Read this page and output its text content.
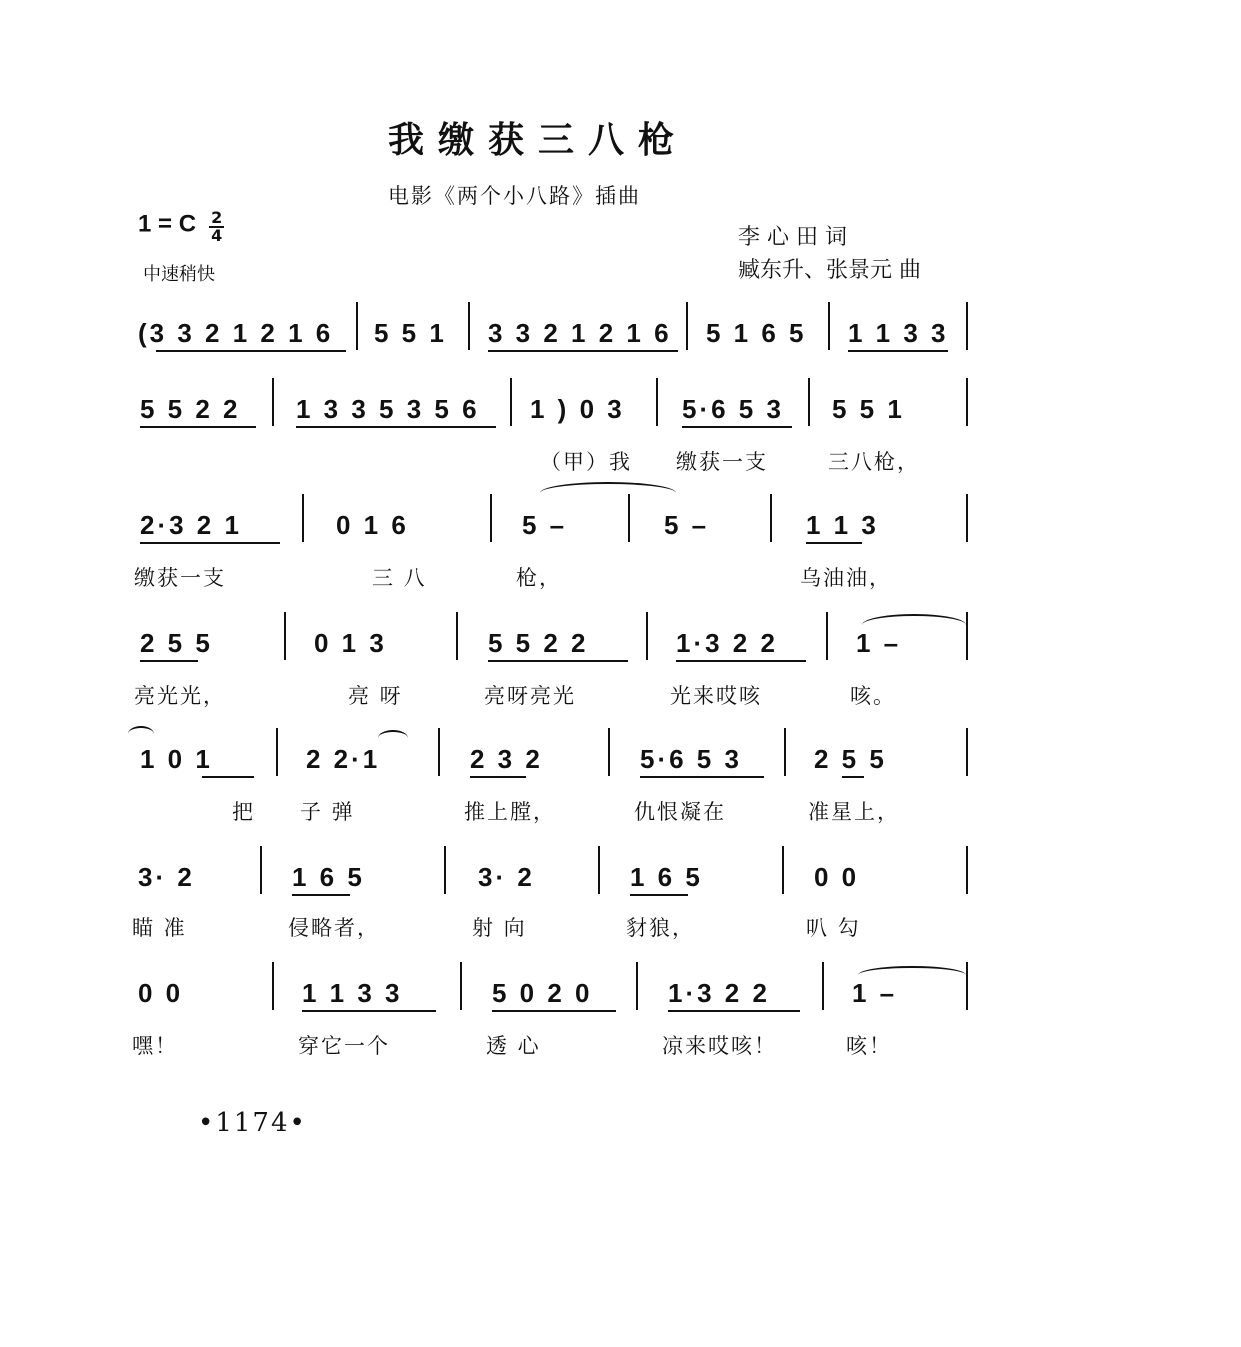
我缴获三八枪
电影《两个小八路》插曲
1 = C $\frac{2}{4}$
中速稍快
李 心 田 词
臧东升、张景元 曲
(3 3 2 1 2 1 6 5 5 1 3 3 2 1 2 1 6 5 1 6 5 1 1 3 3
5 5 2 2 1 3 3 5 3 5 6 1 ) 0 3 5·6 5 3 5 5 1
（甲）我 缴获一支	三八枪，
2·3 2 1	0 1 6	5 –	5 –	1 1 3
缴获一支	三 八	枪，	乌油油，
2 5 5	0 1 3	5 5 2 2	1·3 2 2	1 –
亮光光，	亮 呀	亮呀亮光	光来哎咳	咳。
1 0 1	2 2·1	2 3 2	5·6 5 3	2 5 5
把 子 弹	推上膛，	仇恨凝在	准星上，
3· 2	1 6 5	3· 2	1 6 5	0 0
瞄 准	侵略者，	射 向	豺狼，	叭 勾
0 0	1 1 3 3	5 0 2 0	1·3 2 2	1 –
嘿！	穿它一个	透 心	凉来哎咳！	咳！
•1174•
